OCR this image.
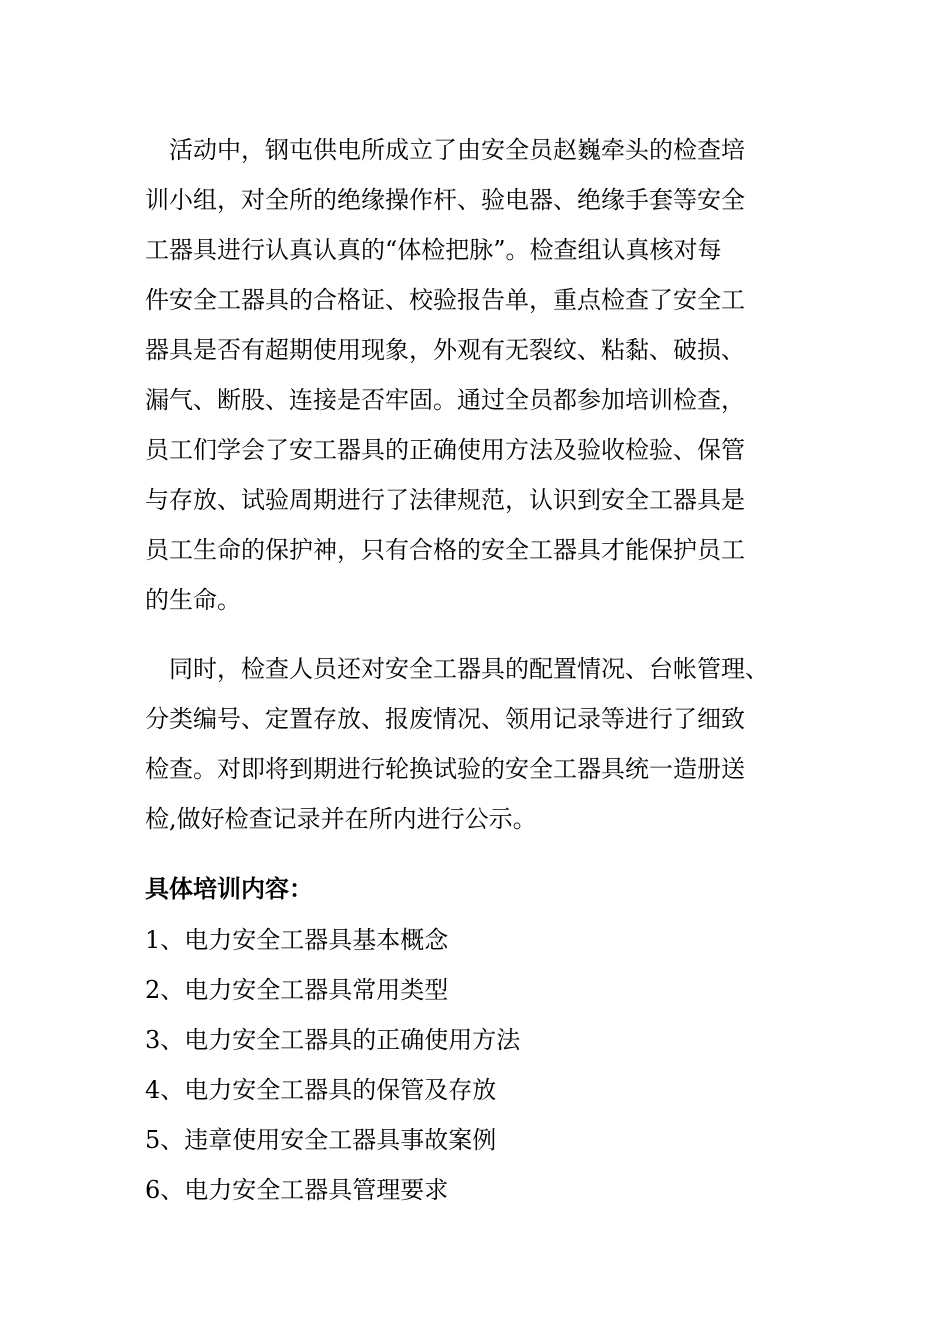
　活动中，钢屯供电所成立了由安全员赵巍牵头的检查培
训小组，对全所的绝缘操作杆、验电器、绝缘手套等安全
工器具进行认真认真的“体检把脉”。检查组认真核对每
件安全工器具的合格证、校验报告单，重点检查了安全工
器具是否有超期使用现象，外观有无裂纹、粘黏、破损、
漏气、断股、连接是否牢固。通过全员都参加培训检查，
员工们学会了安工器具的正确使用方法及验收检验、保管
与存放、试验周期进行了法律规范，认识到安全工器具是
员工生命的保护神，只有合格的安全工器具才能保护员工
的生命。
　同时，检查人员还对安全工器具的配置情况、台帐管理、
分类编号、定置存放、报废情况、领用记录等进行了细致
检查。对即将到期进行轮换试验的安全工器具统一造册送
检,做好检查记录并在所内进行公示。
具体培训内容：
1、电力安全工器具基本概念
2、电力安全工器具常用类型
3、电力安全工器具的正确使用方法
4、电力安全工器具的保管及存放
5、违章使用安全工器具事故案例
6、电力安全工器具管理要求
